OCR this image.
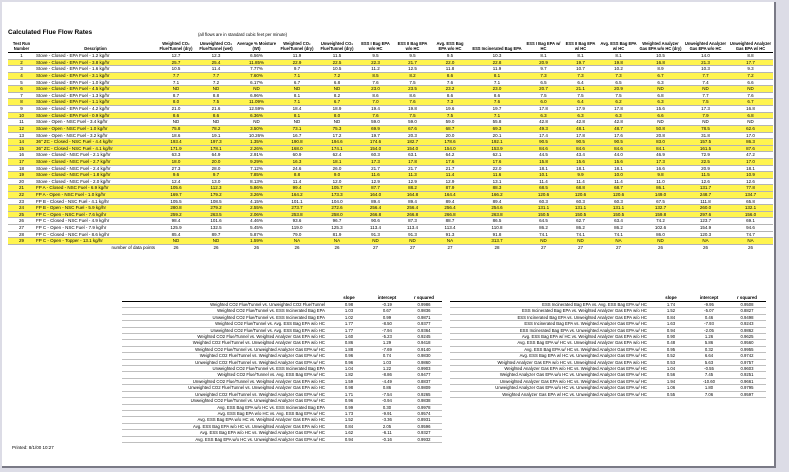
Calculated Flue Flow Rates	(all flows are in standard cubic feet per minute)
Test Run Number	Description	Weighted CO₂ Flue/Tunnel (dry)	Unweighted CO₂ Flue/Tunnel (wet)	Average % Moisture (Wt)	Weighted CO₂ Flue/Tunnel (dry)	Unweighted CO₂ Flue/Tunnel (dry)	ESS I Bag EPA w/o HC	ESS II Bag EPA w/o HC	Avg. ESS Bag EPA w/o HC	ESS Incinerated Bag EPA	ESS I Bag EPA w/ HC	ESS II Bag EPA w/ HC	Avg. ESS Bag EPA w/ HC	Weighted Analyzer Gas EPA w/o HC (dry)	Unweighted Analyzer Gas EPA w/o HC	Unweighted Analyzer Gas EPA w/ HC	
1	Stove - Closed - EPA Fuel - 1.2 kg/hr	12.7	12.3	6.56%	11.9	11.5	9.5	9.5	9.5	10.3	8.1	8.1	8.1	10.5	14.0	8.8	
2	Stove - Closed - EPA Fuel - 3.8 kg/hr	25.7	25.4	11.85%	22.9	22.5	22.3	21.7	22.0	22.8	20.9	19.7	19.8	16.8	21.3	17.7	
3	Stove - Closed - EPA Fuel - 1.6 kg/hr	10.5	11.4	7.77%	9.7	10.5	11.2	12.5	11.8	11.9	9.7	10.7	10.2	8.9	10.3	9.3	
4	Stove - Closed - EPA Fuel - 3.1 kg/hr	7.7	7.7	7.60%	7.1	7.2	8.5	8.2	8.6	8.1	7.3	7.3	7.3	6.7	7.7	7.2	
5	Stove - Closed - EPA Fuel - 1.0 kg/hr	7.1	7.2	6.17%	6.7	6.8	7.6	7.5	7.6	7.1	6.5	6.4	6.5	6.3	7.4	6.6	
6	Stove - Closed - EPA Fuel - 4.5 kg/hr	ND	ND	ND	ND	ND	23.0	23.5	23.2	23.0	20.7	21.1	20.9	ND	ND	ND	
7	Stove - Closed - EPA Fuel - 1.3 kg/hr	8.7	8.8	6.96%	8.1	8.2	8.6	8.6	8.6	8.6	7.5	7.5	7.5	6.8	7.7	7.6	
8	Stove - Closed - EPA Fuel - 1.1 kg/hr	8.0	7.5	11.09%	7.1	6.7	7.0	7.6	7.3	7.6	6.0	6.4	6.2	6.3	7.5	6.7	
9	Stove - Closed - EPA Fuel - 4.2 kg/hr	21.0	21.6	12.59%	18.4	18.9	19.4	19.8	19.6	19.7	17.8	17.9	17.8	15.6	17.3	16.8	
10	Stove - Closed - EPA Fuel - 0.9 kg/hr	8.6	8.6	6.36%	8.1	8.0	7.6	7.5	7.5	7.1	6.3	6.3	6.3	6.6	7.9	6.8	
11	Stove - Open - NSC Fuel - 3.4 kg/hr	ND	ND	ND	ND	ND	59.0	59.0	59.0	55.8	42.8	42.8	42.8	ND	ND	ND	
12	Stove - Open - NSC Fuel - 1.0 kg/hr	75.8	78.2	3.50%	73.1	75.3	69.9	67.6	68.7	69.3	49.3	48.1	48.7	50.8	78.5	62.6	
13	Stove - Open - NSC Fuel - 3.2 kg/hr	18.6	19.1	10.26%	16.7	17.2	19.7	20.3	20.0	20.1	17.4	17.8	17.6	20.8	31.8	17.0	
14	36" ZC - Closed - NSC Fuel - 4.4 kg/hr	193.4	197.3	1.35%	190.8	194.6	174.6	182.7	178.6	192.1	90.5	90.5	90.5	83.0	157.5	86.3	
15	36" ZC - Closed - NSC Fuel - 4.1 kg/hr	171.9	178.1	2.26%	168.0	174.1	154.0	154.0	154.0	153.9	84.6	84.6	84.6	84.1	161.5	87.6	
16	Stove - Closed - NSC Fuel - 2.1 kg/hr	63.3	64.9	2.91%	60.9	62.4	60.3	63.1	64.2	62.1	44.5	43.4	44.0	46.9	72.9	47.2	
17	Stove - Closed - NSC Fuel - 2.7 kg/hr	18.0	20.0	9.29%	16.3	18.1	17.3	17.8	17.6	17.6	15.8	15.6	15.6	17.3	22.5	17.0	
18	Stove - Closed - NSC Fuel - 2.4 kg/hr	27.3	28.0	7.12%	24.6	26.0	21.7	21.7	21.7	22.0	18.1	18.1	18.1	16.6	20.9	18.1	
19	Stove - Closed - NSC Fuel - 1.8 kg/hr	9.6	9.7	7.85%	8.8	9.0	11.6	11.3	11.4	11.6	10.1	9.9	10.0	9.8	11.5	10.9	
20	Stove - Closed - NSC Fuel - 2.0 kg/hr	12.4	13.0	8.13%	11.4	12.0	12.9	12.9	12.9	13.1	11.4	11.4	11.4	11.0	12.6	12.6	
21	FP A - Closed - NSC Fuel - 6.9 kg/hr	105.6	112.3	5.86%	99.4	105.7	87.7	88.2	87.9	88.3	68.5	68.8	68.7	86.1	131.7	77.8	
22	FP A - Open - NSC Fuel - 1.0 kg/hr	169.7	179.2	3.26%	164.2	173.3	164.0	164.8	164.4	166.2	120.6	120.6	120.6	149.0	248.7	134.7	
23	FP B - Closed - NSC Fuel - 4.1 kg/hr	105.5	108.5	4.15%	101.1	104.0	89.4	89.4	89.4	89.4	60.3	60.3	60.3	67.5	111.8	65.8	
24	FP B - Open - NSC Fuel - 5.9 kg/hr	280.8	279.2	2.55%	273.7	272.6	256.4	256.4	256.4	254.6	131.1	131.1	131.1	132.7	260.0	132.1	
25	FP C - Open - NSC Fuel - 7.6 kg/hr	259.2	263.5	2.06%	253.8	258.0	266.8	266.8	266.8	263.8	150.5	150.5	150.5	159.8	297.6	156.0	
26	FP C - Closed - NSC Fuel - 4.9 kg/hr	98.4	101.6	4.46%	93.6	96.7	90.6	87.3	88.7	86.5	64.5	62.7	63.4	74.2	123.7	69.1	
27	FP C - Open - NSC Fuel - 7.9 kg/hr	125.9	132.5	5.45%	119.0	125.3	113.4	113.4	113.4	110.8	86.2	86.2	86.2	102.6	154.9	94.6	
28	FP C - Closed - NSC Fuel - 8.6 kg/hr	85.4	89.7	5.87%	79.0	81.9	91.3	91.3	91.3	91.8	74.1	74.1	74.1	86.0	120.3	74.7	
29	FP C - Open - Topper - 13.1 kg/hr	ND	ND	1.59%	NA	NA	ND	ND	NA	313.7	ND	ND	NA	ND	NA	NA	
	number of data points	26	26	26	26	26	27	27	27	28	27	27	27	26	26	26	
	slope	intercept	r squared
Weighted CO2 Flue/Tunnel vs. Unweighted CO2 Flue/Tunnel	0.98	-0.19	0.9986
Weighted CO2 Flue/Tunnel vs. ESS Incinerated Bag EPA	1.03	0.67	0.9836
Unweighted CO2 Flue/Tunnel vs. ESS Incinerated Bag EPA	1.02	0.99	0.9871
Weighted CO2 Flue/Tunnel vs. Avg. ESS Bag EPA w/o HC	1.77	-8.50	0.9377
Unweighted CO2 Flue/Tunnel vs. Avg. ESS Bag EPA w/o HC	1.77	-7.94	0.9364
Weighted CO2 Flue/Tunnel vs. Weighted Analyzer Gas EPA w/o HC	1.60	-5.23	0.9245
Weighted CO2 Flue/Tunnel vs. Unweighted Analyzer Gas EPA w/o HC	0.86	1.29	0.9418
Weighted CO2 Flue/Tunnel vs. Unweighted Analyzer Gas EPA w/ HC	1.88	-7.69	0.9140
Weighted CO2 Flue/Tunnel vs. Weighted Analyzer Gas EPA w/ HC	0.96	0.74	0.9830
Unweighted CO2 Flue/Tunnel vs. Weighted Analyzer Gas EPA w/ HC	0.96	1.03	0.9860
Unweighted CO2 Flue/Tunnel vs. ESS Incinerated Bag EPA	1.04	1.22	0.9903
Weighted CO2 Flue/Tunnel vs. Avg. ESS Bag EPA w/ HC	1.82	-8.86	0.9477
Unweighted CO2 Flue/Tunnel vs. Weighted Analyzer Gas EPA w/o HC	1.59	-4.49	0.8837
Unweighted CO2 Flue/Tunnel vs. Unweighted Analyzer Gas EPA w/o HC	0.98	0.86	0.9809
Unweighted CO2 Flue/Tunnel vs. Weighted Analyzer Gas EPA w/ HC	1.71	-7.54	0.9265
Unweighted CO2 Flue/Tunnel vs. Unweighted Analyzer Gas EPA w/ HC	0.96	-0.94	0.9838
Avg. ESS Bag EPA w/o HC vs. ESS Incinerated Bag EPA	0.99	0.30	0.9978
Avg. ESS Bag EPA w/o HC vs. Avg. ESS Bag EPA w/ HC	1.73	-9.91	0.9574
Avg. ESS Bag EPA w/o HC vs. Weighted Analyzer Gas EPA w/o HC	1.52	-3.36	0.8931
Avg. ESS Bag EPA w/o HC vs. Unweighted Analyzer Gas EPA w/o HC	0.84	2.05	0.9596
Avg. ESS Bag EPA w/o HC vs. Weighted Analyzer Gas EPA w/ HC	1.62	-6.11	0.9327
Avg. ESS Bag EPA w/o HC vs. Unweighted Analyzer Gas EPA w/ HC	0.94	-0.16	0.9932
	slope	intercept	r squared
ESS Incinerated Bag EPA vs. Avg. ESS Bag EPA w/ HC	1.74	-9.95	0.9508
ESS Incinerated Bag EPA vs. Weighted Analyzer Gas EPA w/o HC	1.52	-5.07	0.8827
ESS Incinerated Bag EPA vs. Unweighted Analyzer Gas EPA w/o HC	0.84	0.46	0.9498
ESS Incinerated Bag EPA vs. Weighted Analyzer Gas EPA w/ HC	1.63	-7.93	0.9243
ESS Incinerated Bag EPA vs. Unweighted Analyzer Gas EPA w/ HC	0.94	-2.05	0.9862
Avg. ESS Bag EPA w/ HC vs. Weighted Analyzer Gas EPA w/o HC	0.90	1.26	0.9625
Avg. ESS Bag EPA w/ HC vs. Unweighted Analyzer Gas EPA w/o HC	0.48	5.86	0.9560
Avg. ESS Bag EPA w/ HC vs. Weighted Analyzer Gas EPA w/ HC	0.95	0.32	0.9955
Avg. ESS Bag EPA w/ HC vs. Unweighted Analyzer Gas EPA w/ HC	0.52	6.64	0.9742
Weighted Analyzer Gas EPA w/o HC vs. Unweighted Analyzer Gas EPA w/o HC	0.53	5.63	0.9757
Weighted Analyzer Gas EPA w/o HC vs. Weighted Analyzer Gas EPA w/ HC	1.04	-0.55	0.9603
Weighted Analyzer Gas EPA w/o HC vs. Unweighted Analyzer Gas EPA w/ HC	0.56	7.45	0.9251
Unweighted Analyzer Gas EPA w/o HC vs. Weighted Analyzer Gas EPA w/ HC	1.94	-10.60	0.9661
Unweighted Analyzer Gas EPA w/o HC vs. Unweighted Analyzer Gas EPA w/ HC	1.06	1.80	0.9795
Weighted Analyzer Gas EPA w/ HC vs. Unweighted Analyzer Gas EPA w/ HC	0.55	7.06	0.9597
Printed: 8/1/00 10:27
